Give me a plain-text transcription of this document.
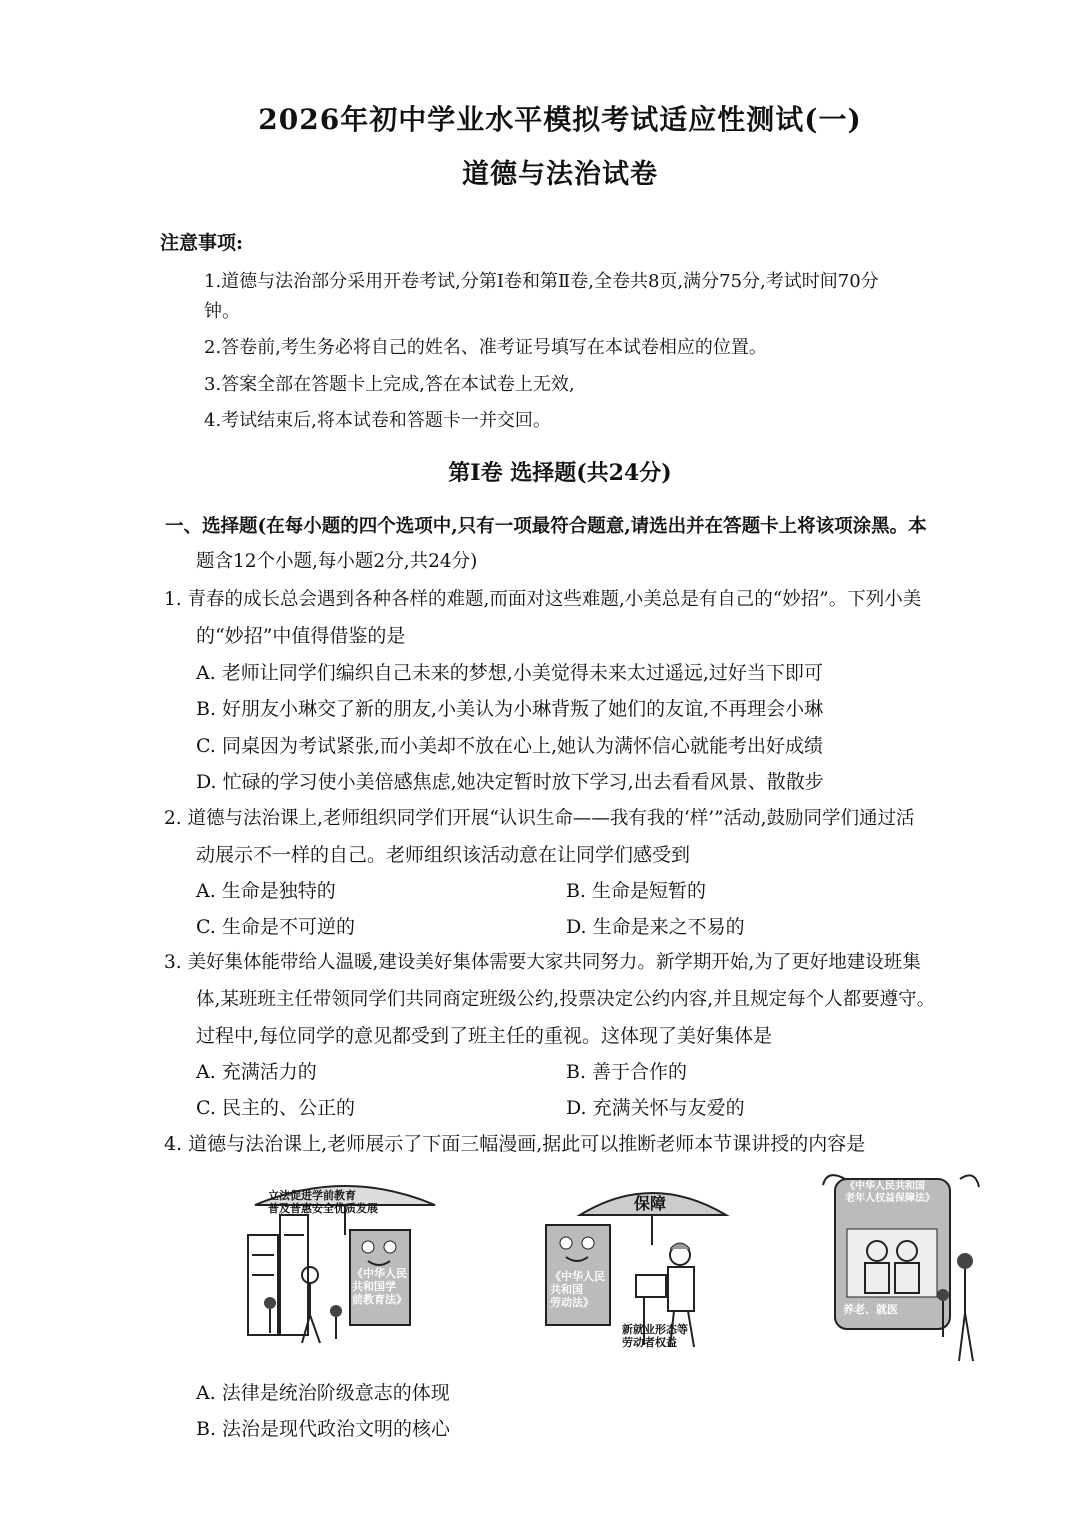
2026年初中学业水平模拟考试适应性测试(一)
道德与法治试卷
注意事项:
1.道德与法治部分采用开卷考试,分第Ⅰ卷和第Ⅱ卷,全卷共8页,满分75分,考试时间70分
钟。
2.答卷前,考生务必将自己的姓名、准考证号填写在本试卷相应的位置。
3.答案全部在答题卡上完成,答在本试卷上无效,
4.考试结束后,将本试卷和答题卡一并交回。
第Ⅰ卷 选择题(共24分)
一、选择题(在每小题的四个选项中,只有一项最符合题意,请选出并在答题卡上将该项涂黑。本
题含12个小题,每小题2分,共24分)
1. 青春的成长总会遇到各种各样的难题,而面对这些难题,小美总是有自己的“妙招”。下列小美
的“妙招”中值得借鉴的是
A. 老师让同学们编织自己未来的梦想,小美觉得未来太过遥远,过好当下即可
B. 好朋友小琳交了新的朋友,小美认为小琳背叛了她们的友谊,不再理会小琳
C. 同桌因为考试紧张,而小美却不放在心上,她认为满怀信心就能考出好成绩
D. 忙碌的学习使小美倍感焦虑,她决定暂时放下学习,出去看看风景、散散步
2. 道德与法治课上,老师组织同学们开展“认识生命——我有我的‘样’”活动,鼓励同学们通过活
动展示不一样的自己。老师组织该活动意在让同学们感受到
A. 生命是独特的	B. 生命是短暂的
C. 生命是不可逆的	D. 生命是来之不易的
3. 美好集体能带给人温暖,建设美好集体需要大家共同努力。新学期开始,为了更好地建设班集
体,某班班主任带领同学们共同商定班级公约,投票决定公约内容,并且规定每个人都要遵守。
过程中,每位同学的意见都受到了班主任的重视。这体现了美好集体是
A. 充满活力的	B. 善于合作的
C. 民主的、公正的	D. 充满关怀与友爱的
4. 道德与法治课上,老师展示了下面三幅漫画,据此可以推断老师本节课讲授的内容是
立法促进学前教育
普及普惠安全优质发展
《中华人民
共和国学
前教育法》
保障
《中华人民
共和国
劳动法》
新就业形态等
劳动者权益
《中华人民共和国
老年人权益保障法》
养老、就医
A. 法律是统治阶级意志的体现
B. 法治是现代政治文明的核心
